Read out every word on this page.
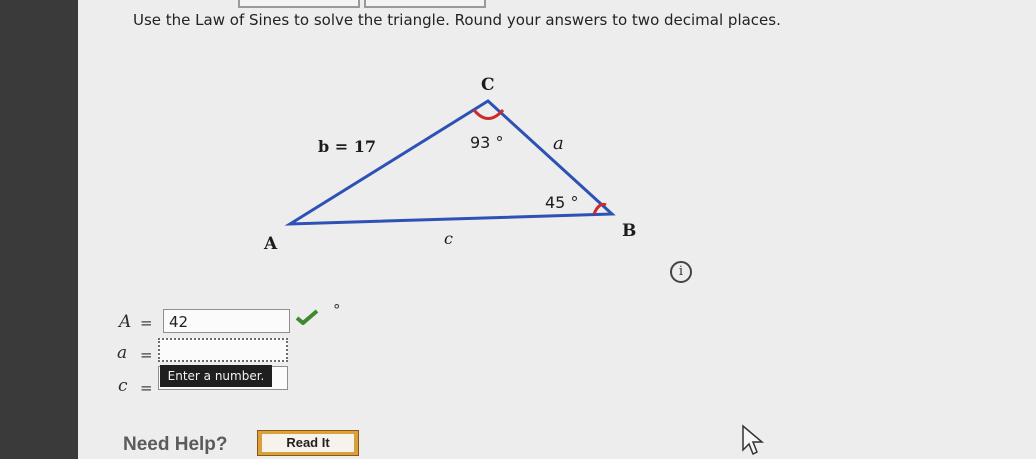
Use the Law of Sines to solve the triangle. Round your answers to two decimal places.
C
A
B
b = 17	a
c
93 °
45 °
i
A =	42
°
a =
c =
Enter a number.
Need Help?	Read It
